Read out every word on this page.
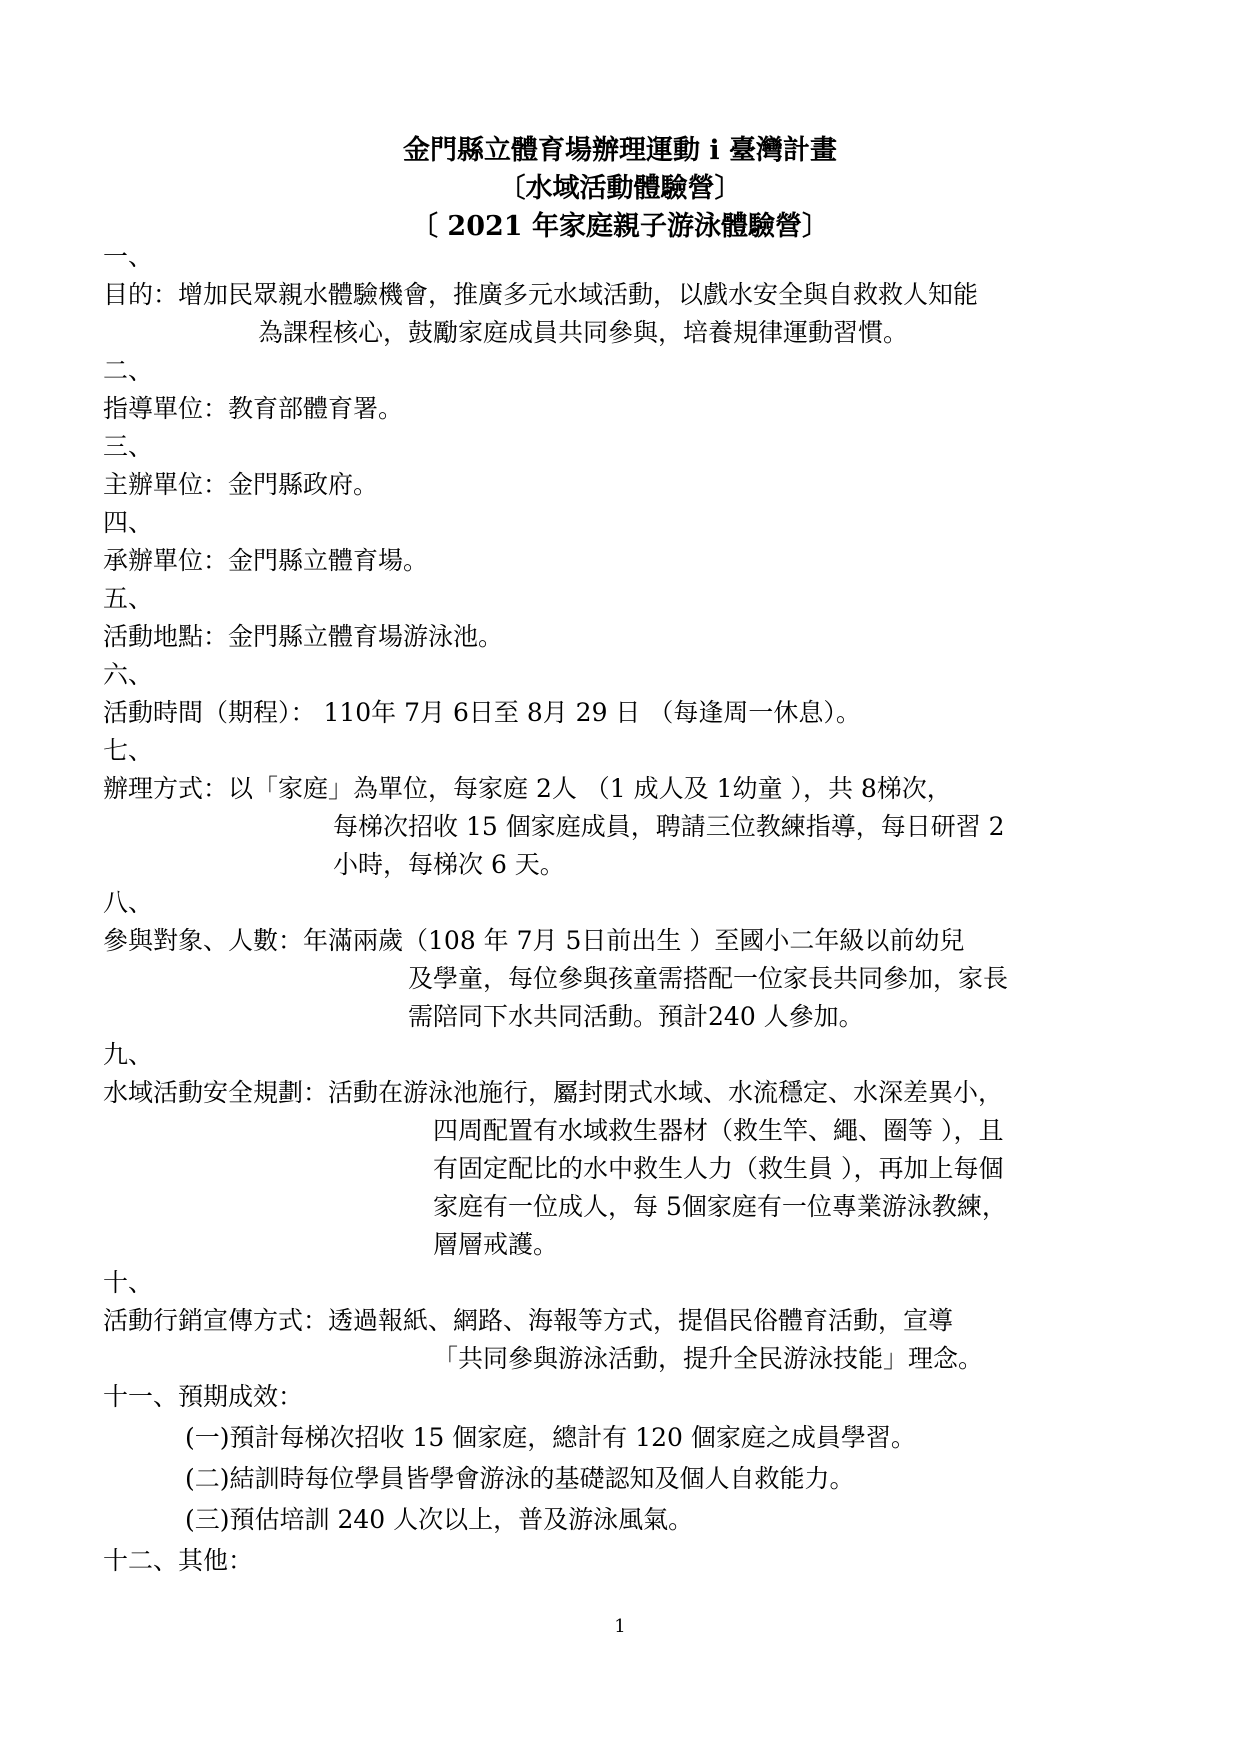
金門縣立體育場辦理運動 i 臺灣計畫
〔水域活動體驗營〕
〔 2021 年家庭親子游泳體驗營〕
一、
目的：增加民眾親水體驗機會，推廣多元水域活動，以戲水安全與自救救人知能
為課程核心，鼓勵家庭成員共同參與，培養規律運動習慣。
二、
指導單位：教育部體育署。
三、
主辦單位：金門縣政府。
四、
承辦單位：金門縣立體育場。
五、
活動地點：金門縣立體育場游泳池。
六、
活動時間（期程）： 110年 7月 6日至 8月 29 日 （每逢周一休息）。
七、
辦理方式：以「家庭」為單位，每家庭 2人 （1 成人及 1幼童 ），共 8梯次，
每梯次招收 15 個家庭成員，聘請三位教練指導，每日研習 2
小時，每梯次 6 天。
八、
參與對象、人數：年滿兩歲（108 年 7月 5日前出生 ）至國小二年級以前幼兒
及學童，每位參與孩童需搭配一位家長共同參加，家長
需陪同下水共同活動。預計240 人參加。
九、
水域活動安全規劃：活動在游泳池施行，屬封閉式水域、水流穩定、水深差異小，
四周配置有水域救生器材（救生竿、繩、圈等 ），且
有固定配比的水中救生人力（救生員 ），再加上每個
家庭有一位成人，每 5個家庭有一位專業游泳教練，
層層戒護。
十、
活動行銷宣傳方式：透過報紙、網路、海報等方式，提倡民俗體育活動，宣導
「共同參與游泳活動，提升全民游泳技能」理念。
十一、預期成效：
(一)預計每梯次招收 15 個家庭，總計有 120 個家庭之成員學習。
(二)結訓時每位學員皆學會游泳的基礎認知及個人自救能力。
(三)預估培訓 240 人次以上，普及游泳風氣。
十二、其他：
1
